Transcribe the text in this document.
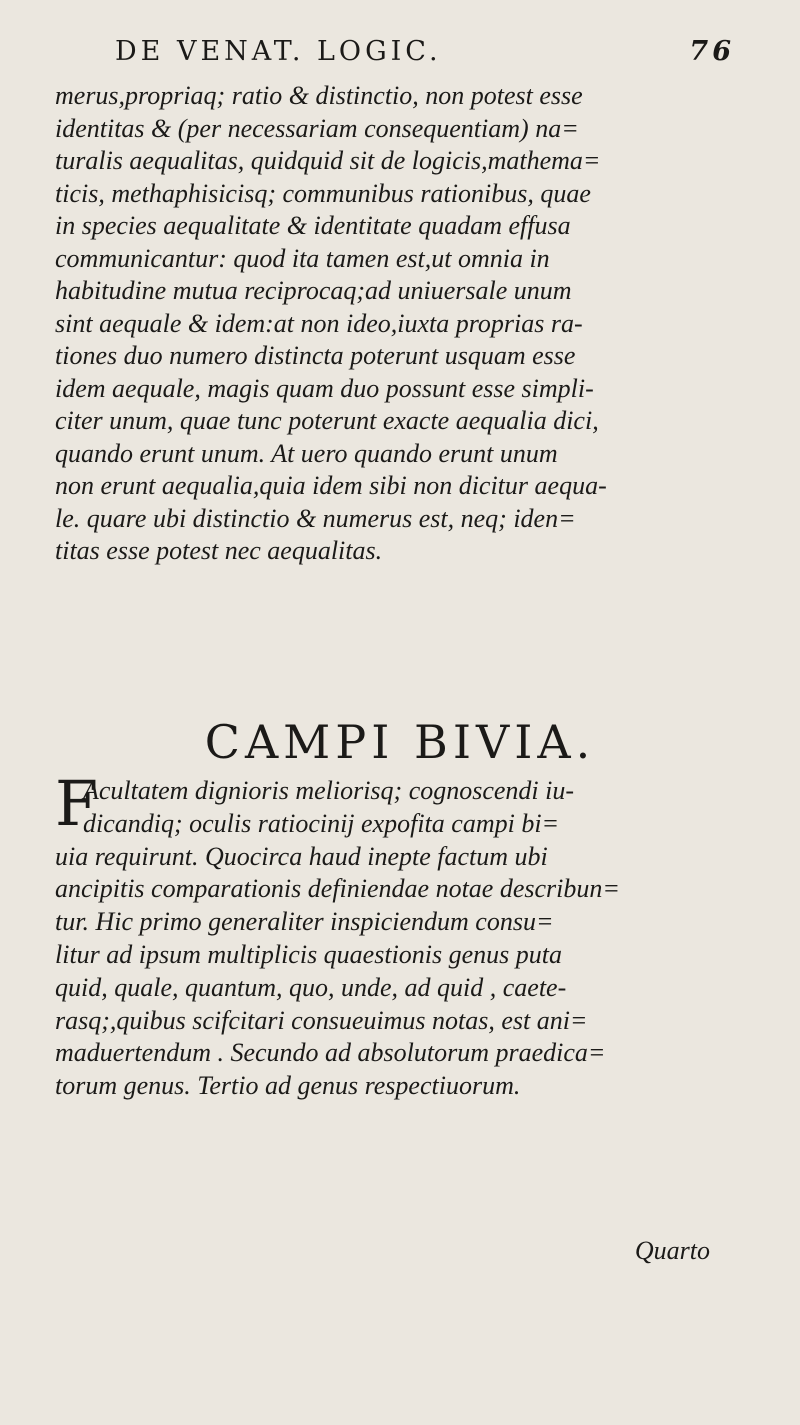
DE VENAT. LOGIC.	76
merus,propriaq; ratio & distinctio, non potest esse
identitas & (per necessariam consequentiam) na=
turalis aequalitas, quidquid sit de logicis,mathema=
ticis, methaphisicisq; communibus rationibus, quae
in species aequalitate & identitate quadam effusa
communicantur: quod ita tamen est,ut omnia in
habitudine mutua reciprocaq;ad uniuersale unum
sint aequale & idem:at non ideo,iuxta proprias ra-
tiones duo numero distincta poterunt usquam esse
idem aequale, magis quam duo possunt esse simpli-
citer unum, quae tunc poterunt exacte aequalia dici,
quando erunt unum. At uero quando erunt unum
non erunt aequalia,quia idem sibi non dicitur aequa-
le. quare ubi distinctio & numerus est, neq; iden=
titas esse potest nec aequalitas.
CAMPI BIVIA.
F
Acultatem dignioris meliorisq; cognoscendi iu-
dicandiq; oculis ratiocinij expofita campi bi=
uia requirunt. Quocirca haud inepte factum ubi
ancipitis comparationis definiendae notae describun=
tur. Hic primo generaliter inspiciendum consu=
litur ad ipsum multiplicis quaestionis genus puta
quid, quale, quantum, quo, unde, ad quid , caete-
rasq;,quibus scifcitari consueuimus notas, est ani=
maduertendum . Secundo ad absolutorum praedica=
torum genus. Tertio ad genus respectiuorum.
Quarto
